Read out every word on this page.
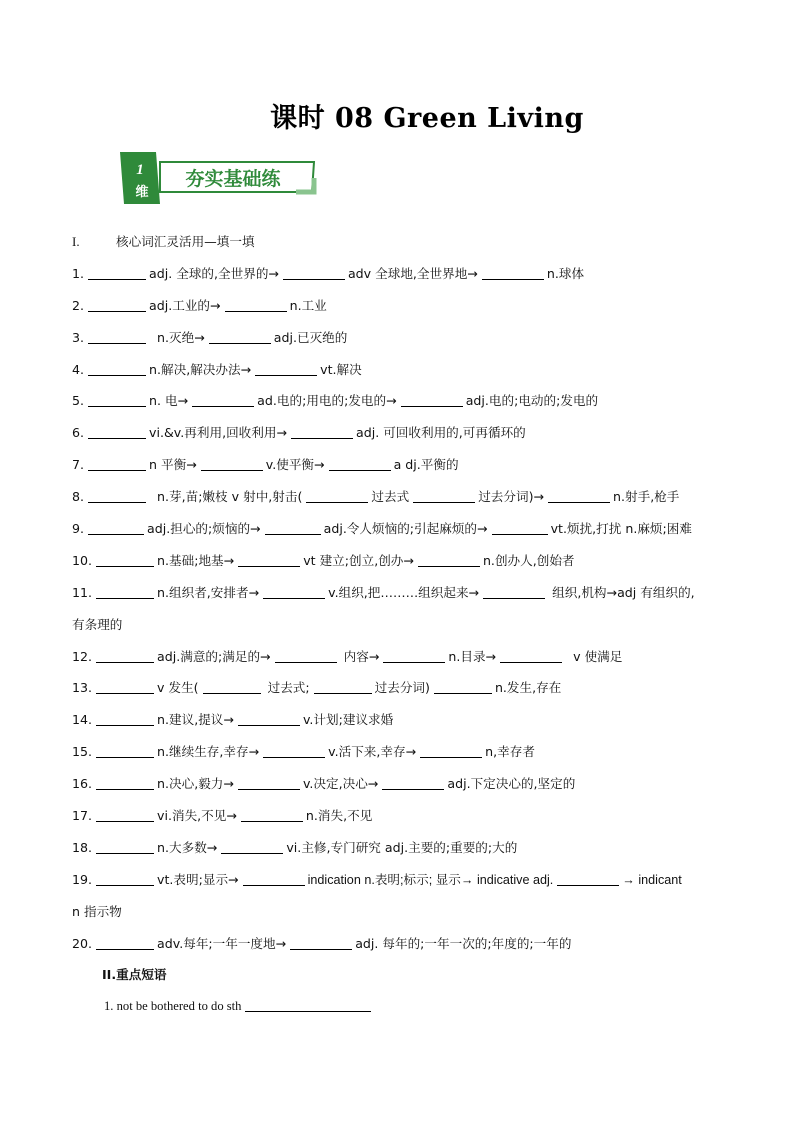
课时 08 Green Living
1
维
夯实基础练
I.	核心词汇灵活用—填一填
1.	adj. 全球的,全世界的→	adv 全球地,全世界地→	n.球体
2.	adj.工业的→	n.工业
3.	n.灭绝→	adj.已灭绝的
4.	n.解决,解决办法→	vt.解决
5.	n. 电→	ad.电的;用电的;发电的→	adj.电的;电动的;发电的
6.	vi.&v.再利用,回收利用→	adj. 可回收利用的,可再循环的
7.	n 平衡→	v.使平衡→	a dj.平衡的
8.	n.芽,苗;嫩枝 v 射中,射击(	过去式	过去分词)→	n.射手,枪手
9.	adj.担心的;烦恼的→	adj.令人烦恼的;引起麻烦的→	vt.烦扰,打扰 n.麻烦;困难
10.	n.基础;地基→	vt 建立;创立,创办→	n.创办人,创始者
11.	n.组织者,安排者→	v.组织,把………组织起来→	组织,机构→adj 有组织的,
有条理的
12.	adj.满意的;满足的→	内容→	n.目录→	v 使满足
13.	v 发生(	过去式;	过去分词)	n.发生,存在
14.	n.建议,提议→	v.计划;建议求婚
15.	n.继续生存,幸存→	v.活下来,幸存→	n,幸存者
16.	n.决心,毅力→	v.决定,决心→	adj.下定决心的,坚定的
17.	vi.消失,不见→	n.消失,不见
18.	n.大多数→	vi.主修,专门研究 adj.主要的;重要的;大的
19.	vt.表明;显示→	indication n.表明;标示; 显示→ indicative adj.	→ indicant
n 指示物
20.	adv.每年;一年一度地→	adj. 每年的;一年一次的;年度的;一年的
II.重点短语
1. not be bothered to do sth
